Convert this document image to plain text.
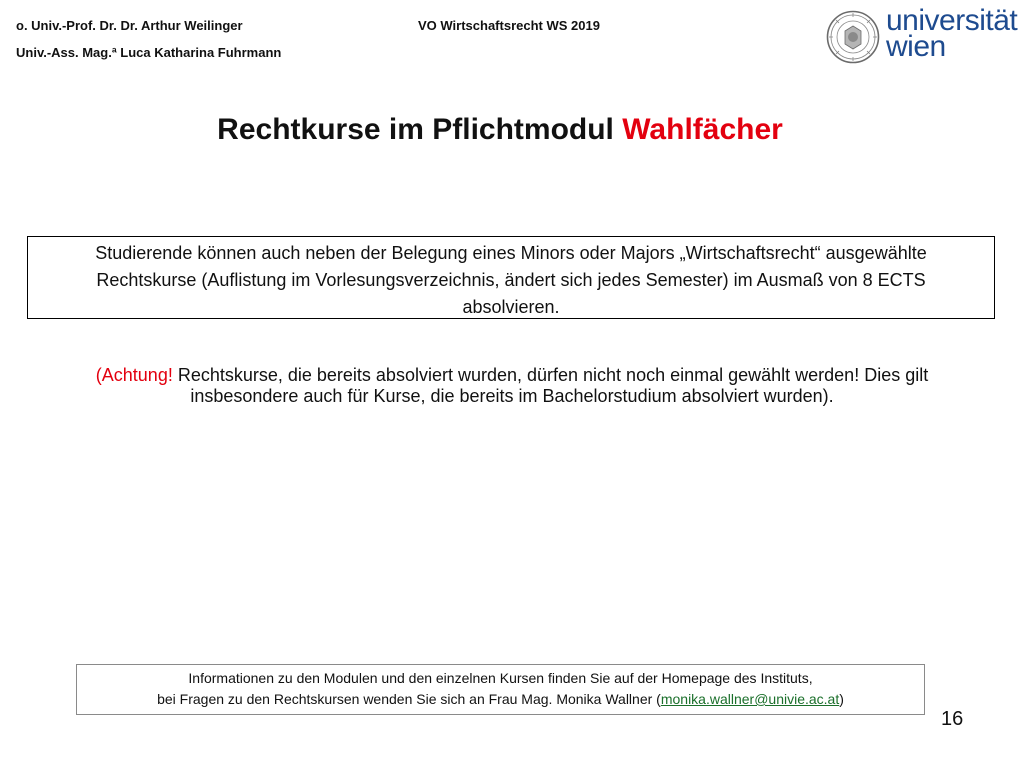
o. Univ.-Prof. Dr. Dr. Arthur Weilinger
Univ.-Ass. Mag.ª Luca Katharina Fuhrmann
VO Wirtschaftsrecht WS 2019	universität
wien
Rechtkurse im Pflichtmodul Wahlfächer
Studierende können auch neben der Belegung eines Minors oder Majors „Wirtschaftsrecht“ ausgewählte
Rechtskurse (Auflistung im Vorlesungsverzeichnis, ändert sich jedes Semester) im Ausmaß von 8 ECTS
absolvieren.
(Achtung! Rechtskurse, die bereits absolviert wurden, dürfen nicht noch einmal gewählt werden! Dies gilt
insbesondere auch für Kurse, die bereits im Bachelorstudium absolviert wurden).
Informationen zu den Modulen und den einzelnen Kursen finden Sie auf der Homepage des Instituts,
bei Fragen zu den Rechtskursen wenden Sie sich an Frau Mag. Monika Wallner (monika.wallner@univie.ac.at)
16
